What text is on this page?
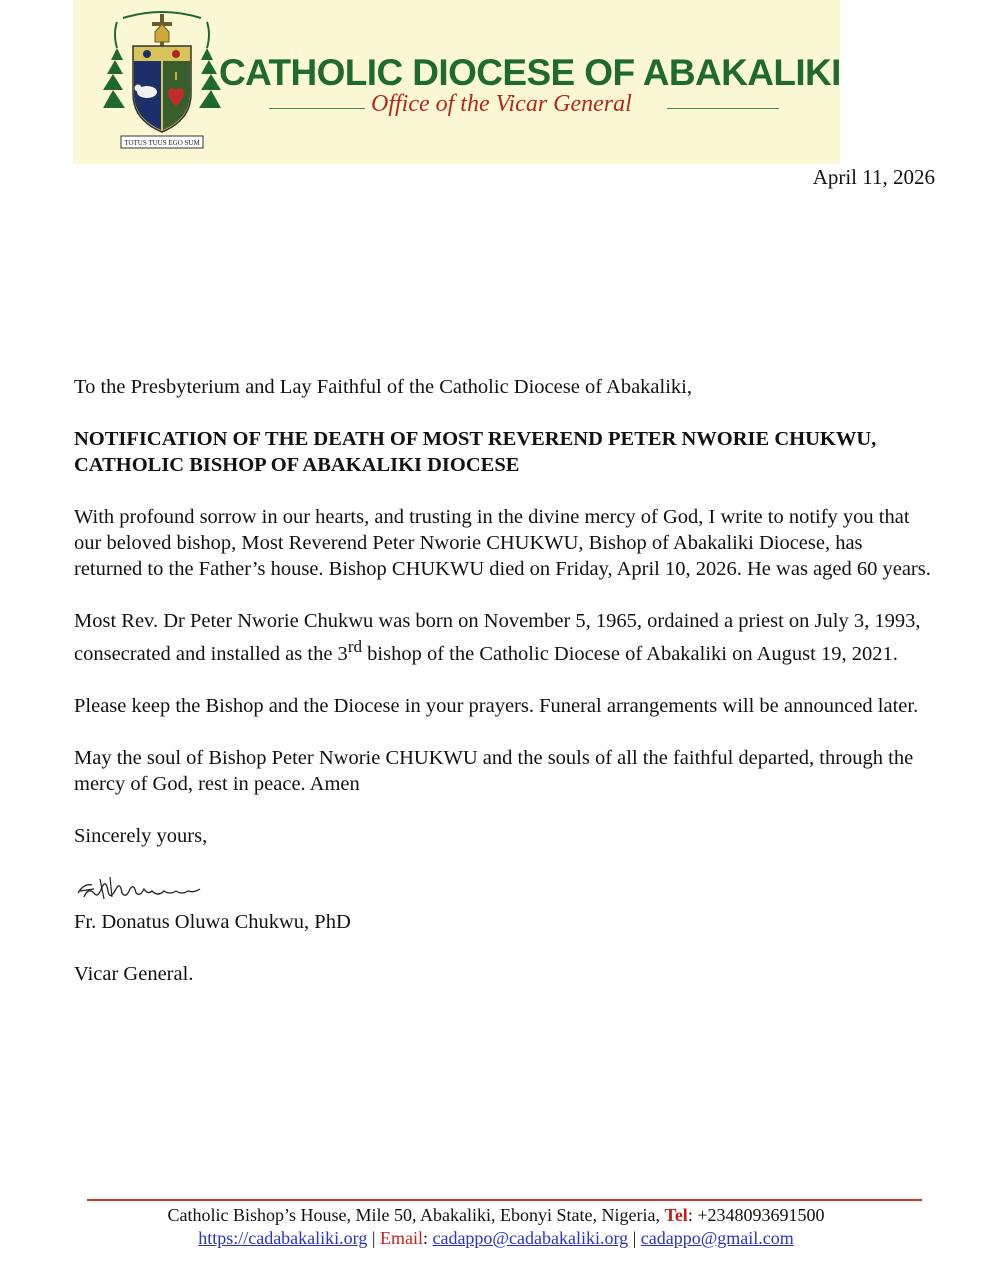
TOTUS TUUS EGO SUM
CATHOLIC DIOCESE OF ABAKALIKI
Office of the Vicar General
April 11, 2026

To the Presbyterium and Lay Faithful of the Catholic Diocese of Abakaliki,

NOTIFICATION OF THE DEATH OF MOST REVEREND PETER NWORIE CHUKWU, CATHOLIC BISHOP OF ABAKALIKI DIOCESE

With profound sorrow in our hearts, and trusting in the divine mercy of God, I write to notify you that our beloved bishop, Most Reverend Peter Nworie CHUKWU, Bishop of Abakaliki Diocese, has returned to the Father’s house. Bishop CHUKWU died on Friday, April 10, 2026. He was aged 60 years.

Most Rev. Dr Peter Nworie Chukwu was born on November 5, 1965, ordained a priest on July 3, 1993, consecrated and installed as the 3rd bishop of the Catholic Diocese of Abakaliki on August 19, 2021.

Please keep the Bishop and the Diocese in your prayers. Funeral arrangements will be announced later.

May the soul of Bishop Peter Nworie CHUKWU and the souls of all the faithful departed, through the mercy of God, rest in peace. Amen

Sincerely yours,

Fr. Donatus Oluwa Chukwu, PhD

Vicar General.

Catholic Bishop’s House, Mile 50, Abakaliki, Ebonyi State, Nigeria, Tel: +2348093691500
https://cadabakaliki.org | Email: cadappo@cadabakaliki.org | cadappo@gmail.com
